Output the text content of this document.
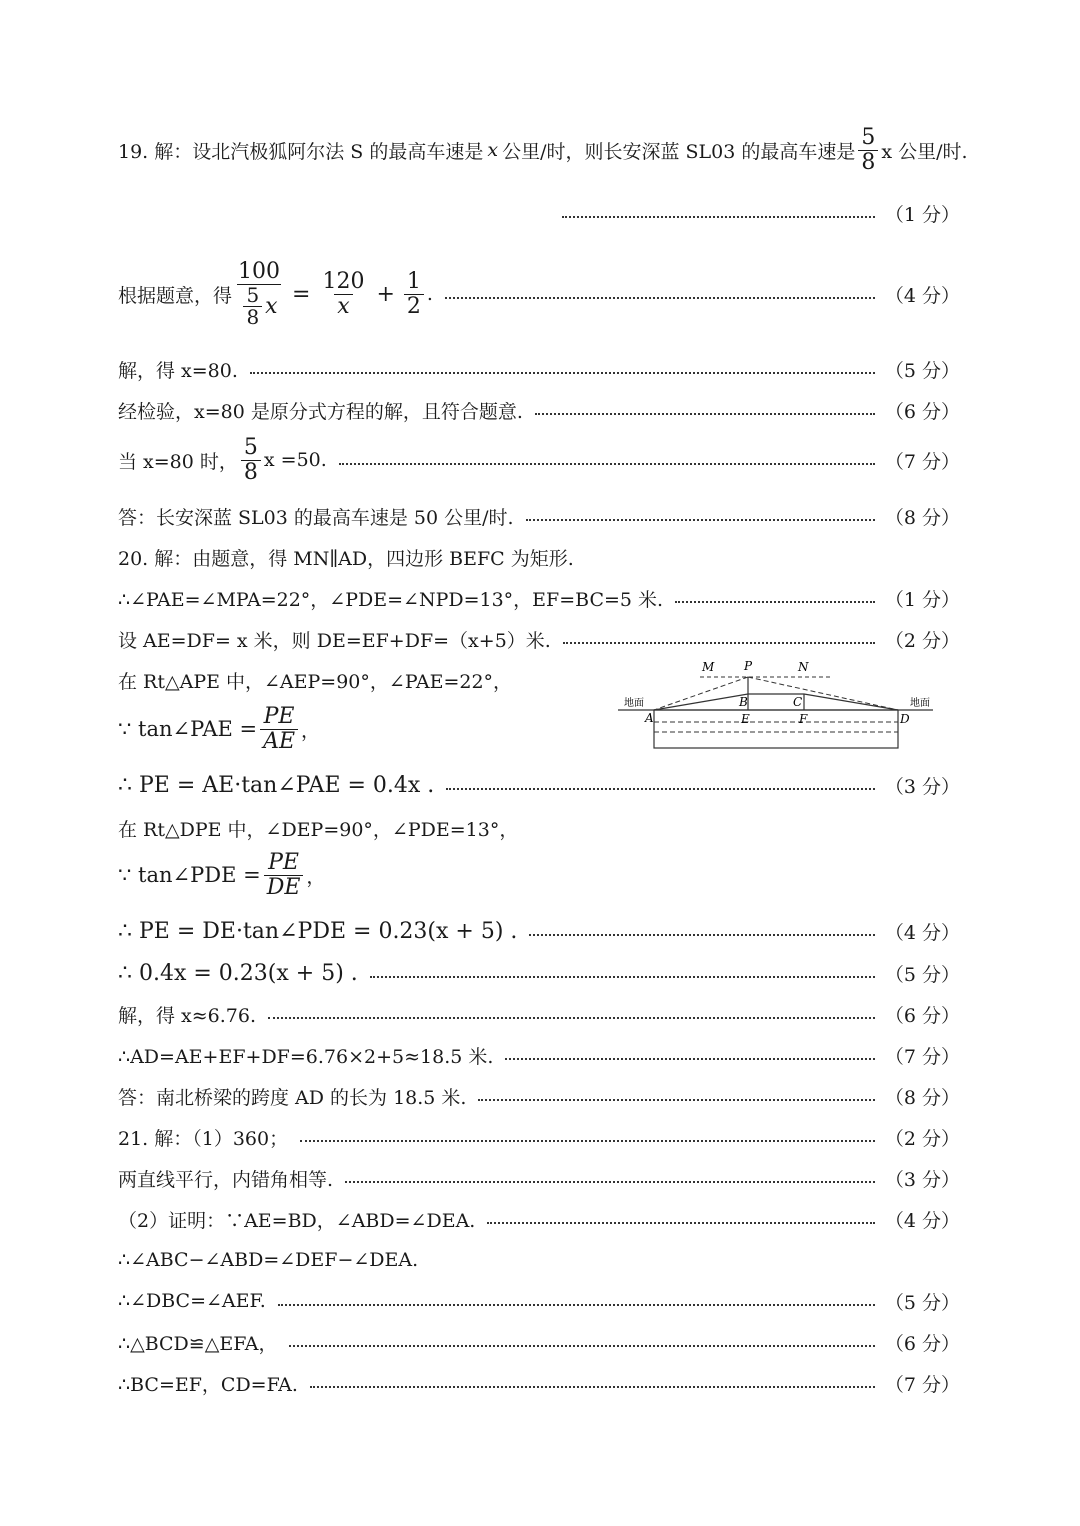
19. 解：设北汽极狐阿尔法 S 的最高车速是 x 公里/时，则长安深蓝 SL03 的最高车速是 $\frac{5}{8}$ x 公里/时.
（1 分）
根据题意，得 $\frac{100}{\frac{5}{8} x} = \frac{120}{x} + \frac{1}{2}$ .	（4 分）
解，得 x=80.	（5 分）
经检验，x=80 是原分式方程的解，且符合题意.	（6 分）
当 x=80 时， $\frac{5}{8}$ x =50.	（7 分）
答：长安深蓝 SL03 的最高车速是 50 公里/时.	（8 分）
20. 解：由题意，得 MN∥AD，四边形 BEFC 为矩形.
∴∠PAE=∠MPA=22°，∠PDE=∠NPD=13°，EF=BC=5 米.	（1 分）
设 AE=DF= x 米，则 DE=EF+DF=（x+5）米.	（2 分）
在 Rt△APE 中，∠AEP=90°，∠PAE=22°，
∵ tan∠PAE = $\frac{PE}{AE}$ ，
M P	N
B	C
A	E	F	D
地面	地面
∴ PE = AE·tan∠PAE = 0.4x .	（3 分）
在 Rt△DPE 中，∠DEP=90°，∠PDE=13°，
∵ tan∠PDE = $\frac{PE}{DE}$ ，
∴ PE = DE·tan∠PDE = 0.23(x + 5) .	（4 分）
∴ 0.4x = 0.23(x + 5) .	（5 分）
解，得 x≈6.76.	（6 分）
∴AD=AE+EF+DF=6.76×2+5≈18.5 米.	（7 分）
答：南北桥梁的跨度 AD 的长为 18.5 米.	（8 分）
21. 解：（1）360；	（2 分）
两直线平行，内错角相等.	（3 分）
（2）证明：∵AE=BD，∠ABD=∠DEA.	（4 分）
∴∠ABC−∠ABD=∠DEF−∠DEA.
∴∠DBC=∠AEF.	（5 分）
∴△BCD≌△EFA，	（6 分）
∴BC=EF，CD=FA.	（7 分）
